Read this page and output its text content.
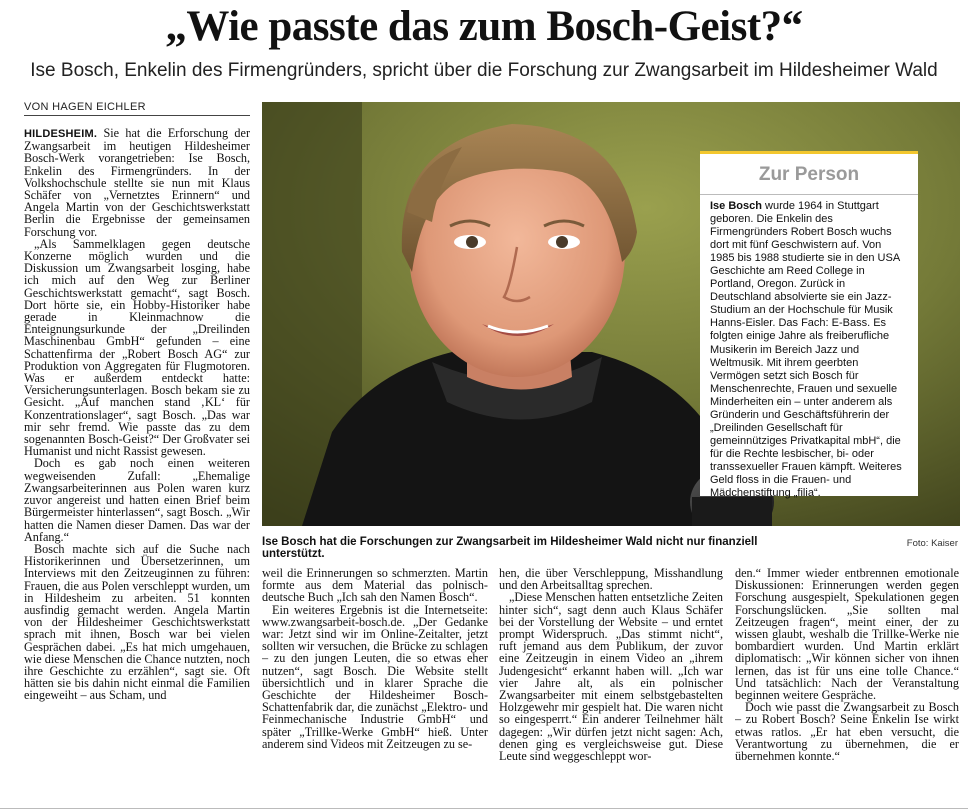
„Wie passte das zum Bosch-Geist?“
Ise Bosch, Enkelin des Firmengründers, spricht über die Forschung zur Zwangsarbeit im Hildesheimer Wald
VON HAGEN EICHLER

HILDESHEIM. Sie hat die Erforschung der Zwangsarbeit im heutigen Hildesheimer Bosch-Werk vorangetrieben: Ise Bosch, Enkelin des Firmengründers. In der Volkshochschule stellte sie nun mit Klaus Schäfer von „Vernetztes Erinnern“ und Angela Martin von der Geschichtswerkstatt Berlin die Ergebnisse der gemeinsamen Forschung vor.

„Als Sammelklagen gegen deutsche Konzerne möglich wurden und die Diskussion um Zwangsarbeit losging, habe ich mich auf den Weg zur Berliner Geschichtswerkstatt gemacht“, sagt Bosch. Dort hörte sie, ein Hobby-Historiker habe gerade in Kleinmachnow die Enteignungsurkunde der „Dreilinden Maschinenbau GmbH“ gefunden – eine Schattenfirma der „Robert Bosch AG“ zur Produktion von Aggregaten für Flugmotoren. Was er außerdem entdeckt hatte: Versicherungsunterlagen. Bosch bekam sie zu Gesicht. „Auf manchen stand ‚KL‘ für Konzentrationslager“, sagt Bosch. „Das war mir sehr fremd. Wie passte das zu dem sogenannten Bosch-Geist?“ Der Großvater sei Humanist und nicht Rassist gewesen.

Doch es gab noch einen weiteren wegweisenden Zufall: „Ehemalige Zwangsarbeiterinnen aus Polen waren kurz zuvor angereist und hatten einen Brief beim Bürgermeister hinterlassen“, sagt Bosch. „Wir hatten die Namen dieser Damen. Das war der Anfang.“

Bosch machte sich auf die Suche nach Historikerinnen und Übersetzerinnen, um Interviews mit den Zeitzeuginnen zu führen: Frauen, die aus Polen verschleppt wurden, um in Hildesheim zu arbeiten. 51 konnten ausfindig gemacht werden. Angela Martin von der Hildesheimer Geschichtswerkstatt sprach mit ihnen, Bosch war bei vielen Gesprächen dabei. „Es hat mich umgehauen, wie diese Menschen die Chance nutzten, noch ihre Geschichte zu erzählen“, sagt sie. Oft hätten sie bis dahin nicht einmal die Familien eingeweiht – aus Scham, und

Zur Person
Ise Bosch wurde 1964 in Stuttgart geboren. Die Enkelin des Firmengründers Robert Bosch wuchs dort mit fünf Geschwistern auf. Von 1985 bis 1988 studierte sie in den USA Geschichte am Reed College in Portland, Oregon. Zurück in Deutschland absolvierte sie ein Jazz-Studium an der Hochschule für Musik Hanns-Eisler. Das Fach: E-Bass. Es folgten einige Jahre als freiberufliche Musikerin im Bereich Jazz und Weltmusik. Mit ihrem geerbten Vermögen setzt sich Bosch für Menschenrechte, Frauen und sexuelle Minderheiten ein – unter anderem als Gründerin und Geschäftsführerin der „Dreilinden Gesellschaft für gemeinnütziges Privatkapital mbH“, die für die Rechte lesbischer, bi- oder transsexueller Frauen kämpft. Weiteres Geld floss in die Frauen- und Mädchenstiftung „filia“.
Ise Bosch hat die Forschungen zur Zwangsarbeit im Hildesheimer Wald nicht nur finanziell unterstützt.
Foto: Kaiser

weil die Erinnerungen so schmerzten. Martin formte aus dem Material das polnisch-deutsche Buch „Ich sah den Namen Bosch“.

Ein weiteres Ergebnis ist die Internetseite: www.zwangsarbeit-bosch.de. „Der Gedanke war: Jetzt sind wir im Online-Zeitalter, jetzt sollten wir versuchen, die Brücke zu schlagen – zu den jungen Leuten, die so etwas eher nutzen“, sagt Bosch. Die Website stellt übersichtlich und in klarer Sprache die Geschichte der Hildesheimer Bosch-Schattenfabrik dar, die zunächst „Elektro- und Feinmechanische Industrie GmbH“ und später „Trillke-Werke GmbH“ hieß. Unter anderem sind Videos mit Zeitzeugen zu se-

hen, die über Verschleppung, Misshandlung und den Arbeitsalltag sprechen.

„Diese Menschen hatten entsetzliche Zeiten hinter sich“, sagt denn auch Klaus Schäfer bei der Vorstellung der Website – und erntet prompt Widerspruch. „Das stimmt nicht“, ruft jemand aus dem Publikum, der zuvor eine Zeitzeugin in einem Video an „ihrem Judengesicht“ erkannt haben will. „Ich war vier Jahre alt, als ein polnischer Zwangsarbeiter mit einem selbstgebastelten Holzgewehr mir gespielt hat. Die waren nicht so eingesperrt.“ Ein anderer Teilnehmer hält dagegen: „Wir dürfen jetzt nicht sagen: Ach, denen ging es vergleichsweise gut. Diese Leute sind weggeschleppt wor-

den.“ Immer wieder entbrennen emotionale Diskussionen: Erinnerungen werden gegen Forschung ausgespielt, Spekulationen gegen Forschungslücken. „Sie sollten mal Zeitzeugen fragen“, meint einer, der zu wissen glaubt, weshalb die Trillke-Werke nie bombardiert wurden. Und Martin erklärt diplomatisch: „Wir können sicher von ihnen lernen, das ist für uns eine tolle Chance.“ Und tatsächlich: Nach der Veranstaltung beginnen weitere Gespräche.

Doch wie passt die Zwangsarbeit zu Bosch – zu Robert Bosch? Seine Enkelin Ise wirkt etwas ratlos. „Er hat eben versucht, die Verantwortung zu übernehmen, die er übernehmen konnte.“
